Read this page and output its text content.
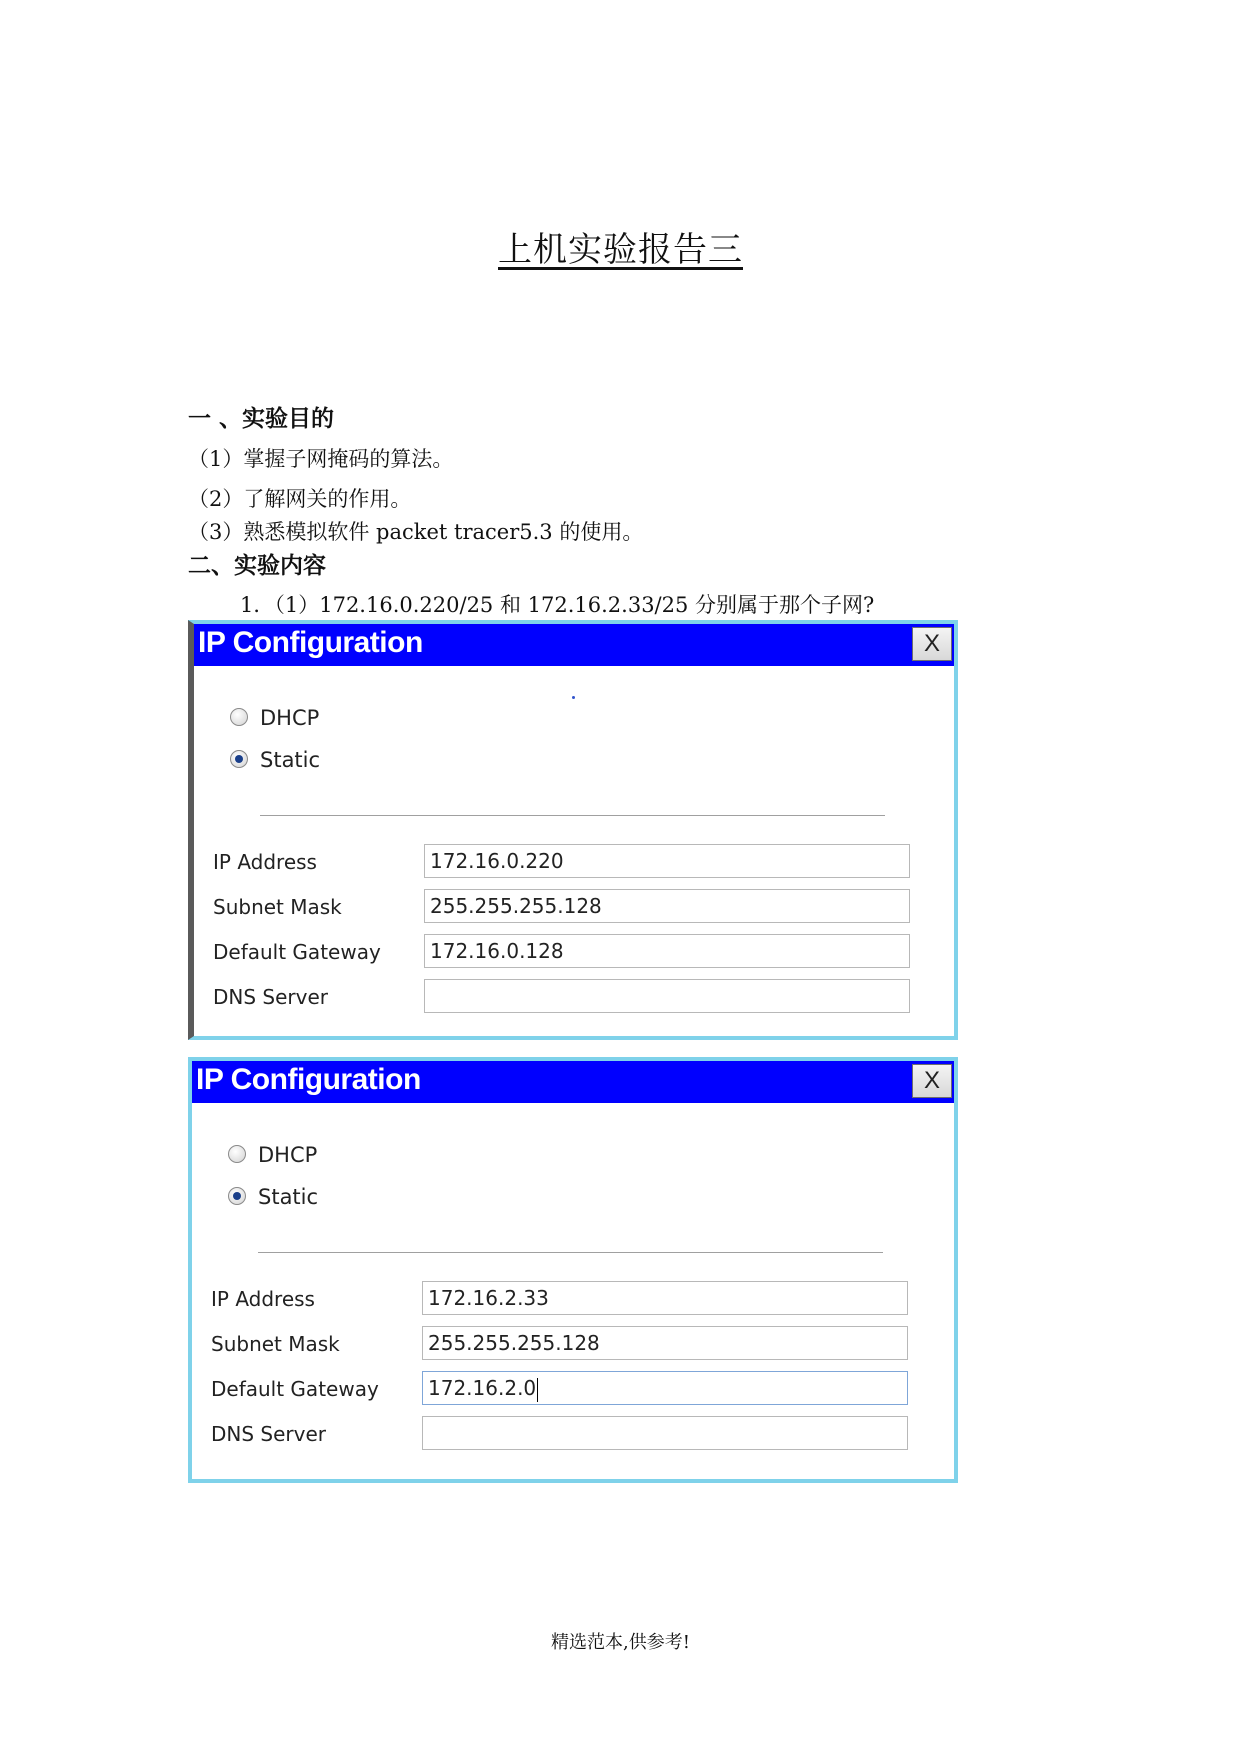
上机实验报告三
一 、实验目的
（1）掌握子网掩码的算法。
（2）了解网关的作用。
（3）熟悉模拟软件 packet tracer5.3 的使用。
二、实验内容
1．（1）172.16.0.220/25 和 172.16.2.33/25 分别属于那个子网?
IP Configuration	X
DHCP
Static
IP Address	172.16.0.220
Subnet Mask	255.255.255.128
Default Gateway	172.16.0.128
DNS Server
IP Configuration	X
DHCP
Static
IP Address	172.16.2.33
Subnet Mask	255.255.255.128
Default Gateway	172.16.2.0
DNS Server
精选范本,供参考!
